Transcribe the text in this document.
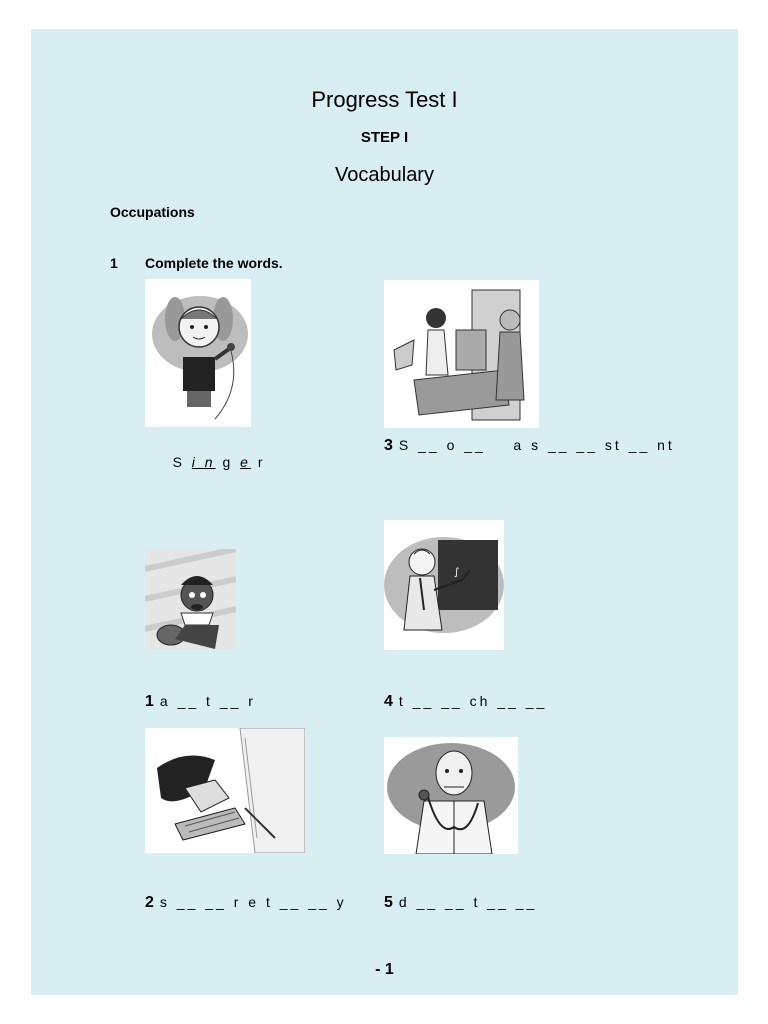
Progress Test I
STEP I
Vocabulary
Occupations
1 Complete the words.

S i n g e r

3 S __ o __    a s __ __ st __ nt
∫
1 a __ t __ r	4 t __ __ ch __ __
2 s __ __ r e t __ __ y 5 d __ __ t __ __
- 1
